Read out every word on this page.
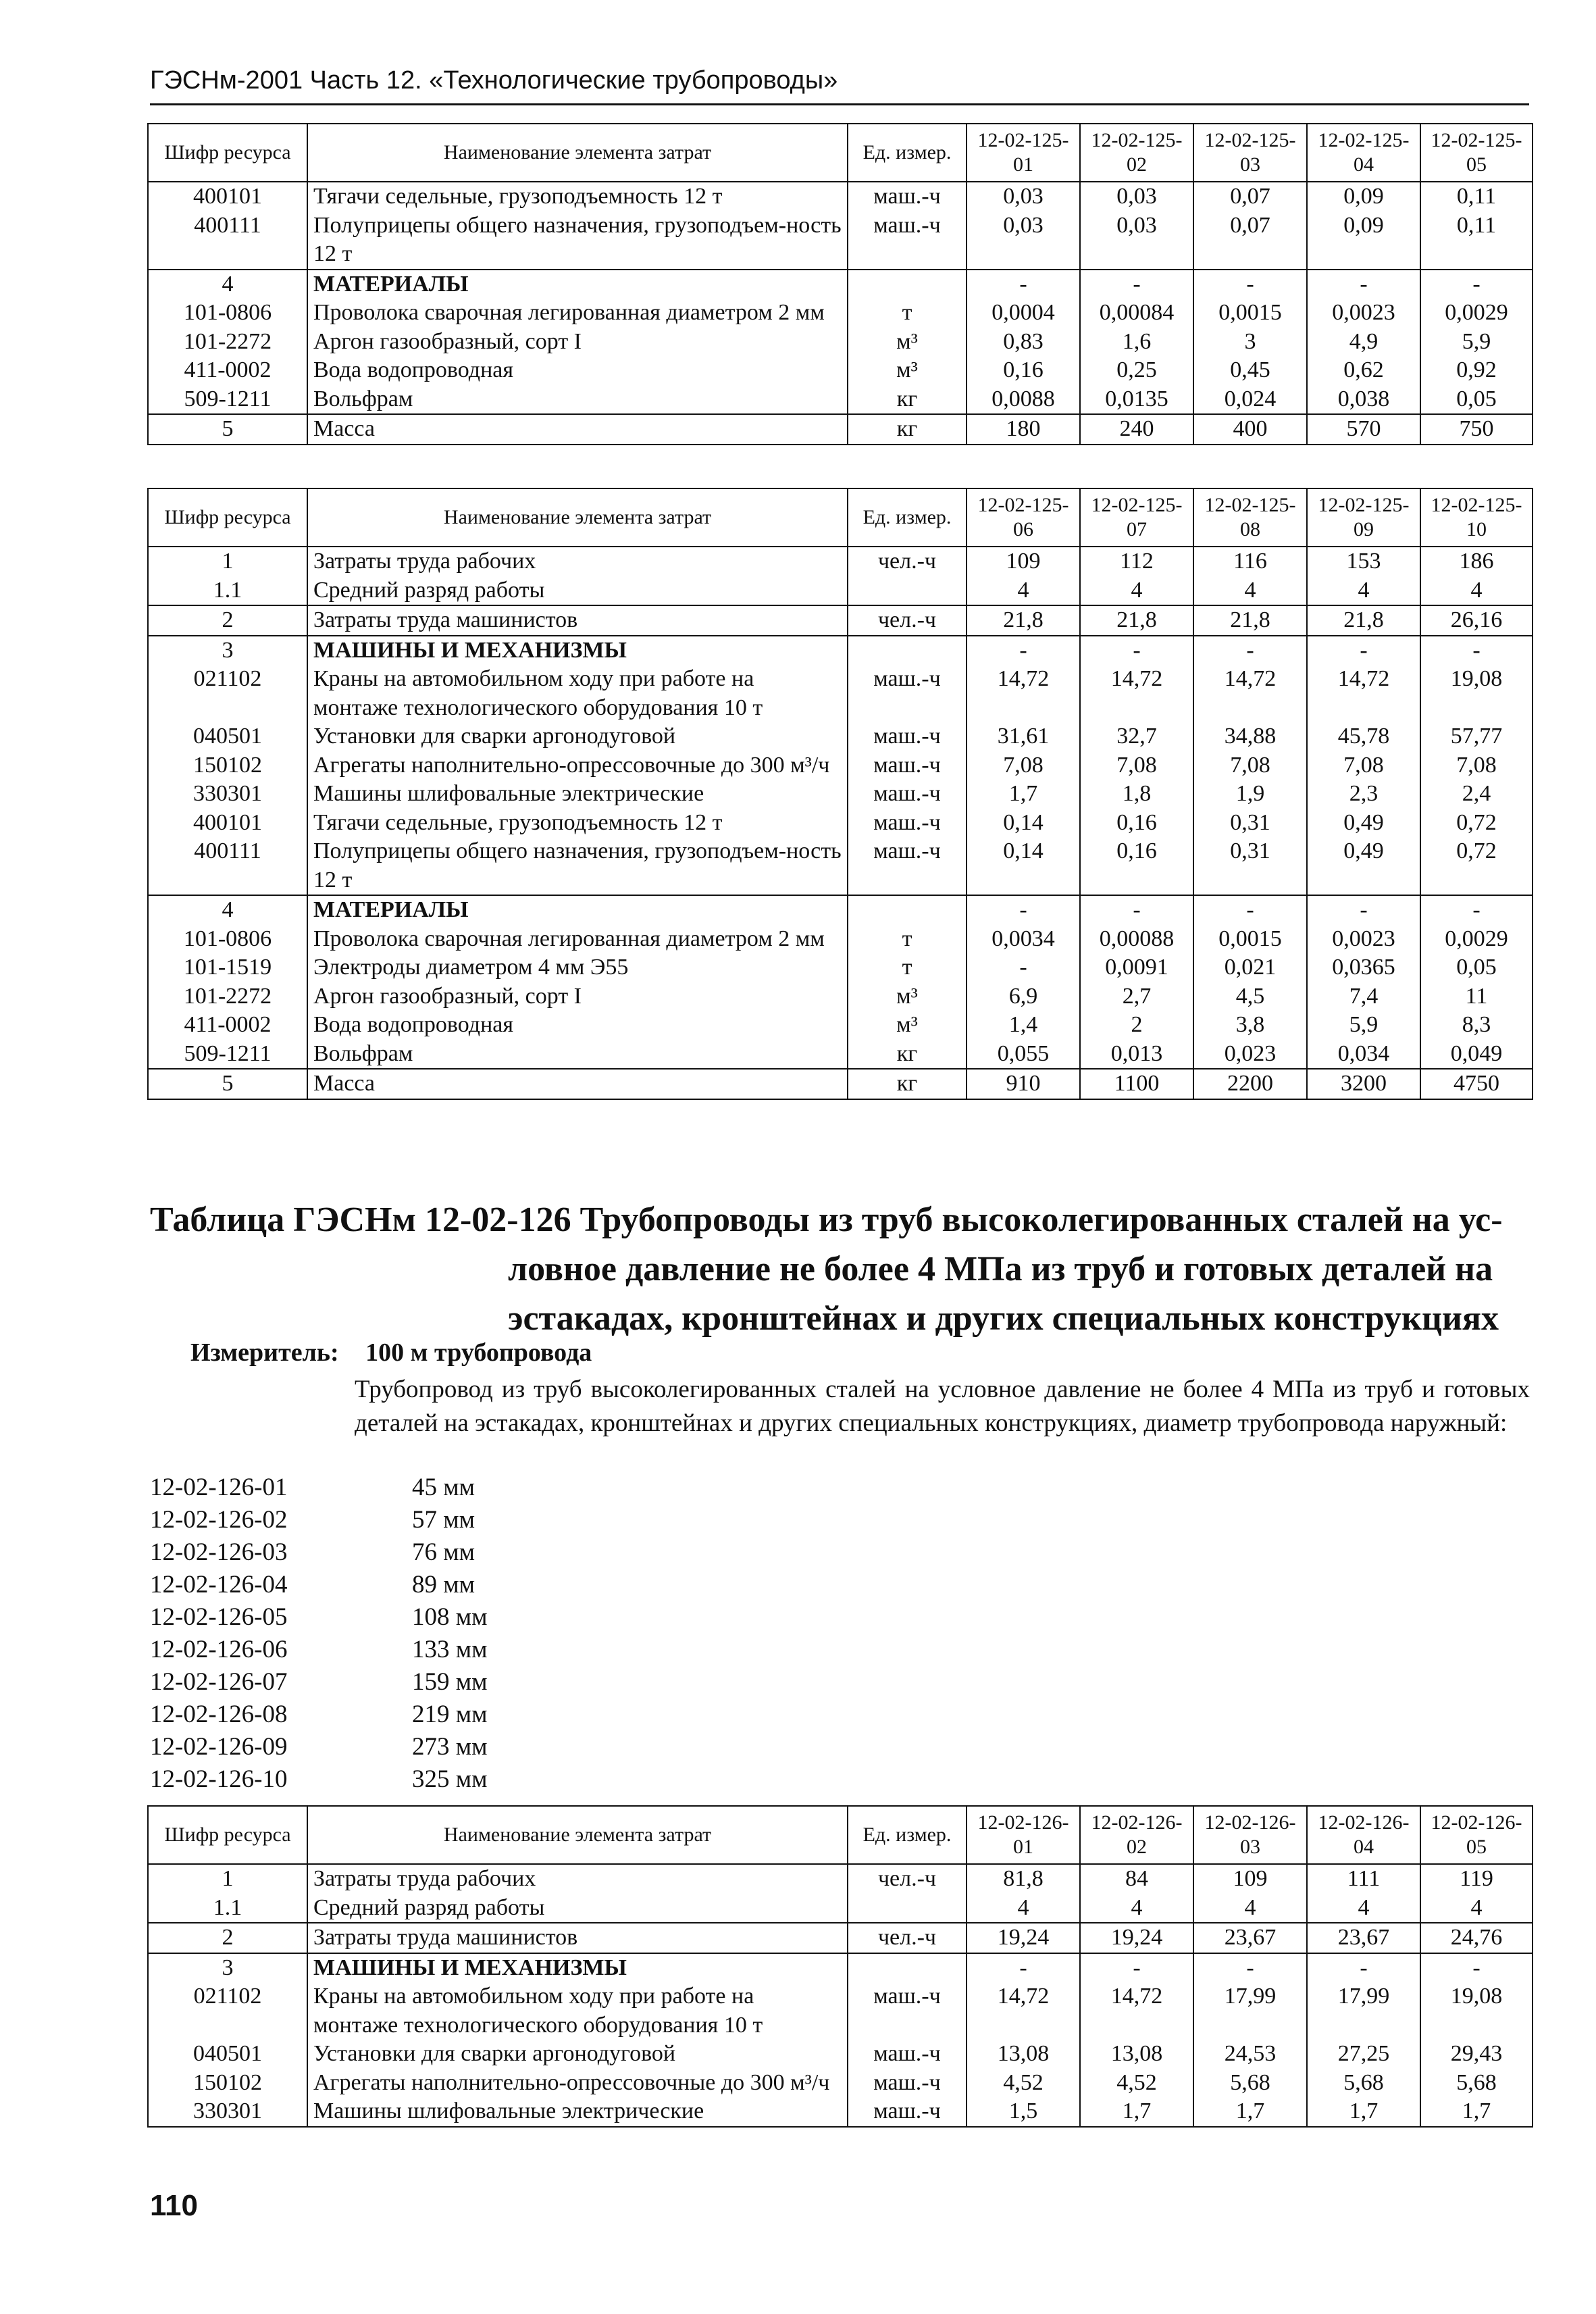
ГЭСНм-2001 Часть 12. «Технологические трубопроводы»
Шифр ресурса	Наименование элемента затрат	Ед. измер.	12-02-125-01	12-02-125-02	12-02-125-03	12-02-125-04	12-02-125-05
400101	Тягачи седельные, грузоподъемность 12 т	маш.-ч	0,03	0,03	0,07	0,09	0,11
400111	Полуприцепы общего назначения, грузоподъем-ность 12 т	маш.-ч	0,03	0,03	0,07	0,09	0,11
4	МАТЕРИАЛЫ		-	-	-	-	-
101-0806	Проволока сварочная легированная диаметром 2 мм	т	0,0004	0,00084	0,0015	0,0023	0,0029
101-2272	Аргон газообразный, сорт I	м³	0,83	1,6	3	4,9	5,9
411-0002	Вода водопроводная	м³	0,16	0,25	0,45	0,62	0,92
509-1211	Вольфрам	кг	0,0088	0,0135	0,024	0,038	0,05
5	Масса	кг	180	240	400	570	750
Шифр ресурса	Наименование элемента затрат	Ед. измер.	12-02-125-06	12-02-125-07	12-02-125-08	12-02-125-09	12-02-125-10
1	Затраты труда рабочих	чел.-ч	109	112	116	153	186
1.1	Средний разряд работы		4	4	4	4	4
2	Затраты труда машинистов	чел.-ч	21,8	21,8	21,8	21,8	26,16
3	МАШИНЫ И МЕХАНИЗМЫ		-	-	-	-	-
021102	Краны на автомобильном ходу при работе на монтаже технологического оборудования 10 т	маш.-ч	14,72	14,72	14,72	14,72	19,08
040501	Установки для сварки аргонодуговой	маш.-ч	31,61	32,7	34,88	45,78	57,77
150102	Агрегаты наполнительно-опрессовочные до 300 м³/ч	маш.-ч	7,08	7,08	7,08	7,08	7,08
330301	Машины шлифовальные электрические	маш.-ч	1,7	1,8	1,9	2,3	2,4
400101	Тягачи седельные, грузоподъемность 12 т	маш.-ч	0,14	0,16	0,31	0,49	0,72
400111	Полуприцепы общего назначения, грузоподъем-ность 12 т	маш.-ч	0,14	0,16	0,31	0,49	0,72
4	МАТЕРИАЛЫ		-	-	-	-	-
101-0806	Проволока сварочная легированная диаметром 2 мм	т	0,0034	0,00088	0,0015	0,0023	0,0029
101-1519	Электроды диаметром 4 мм Э55	т	-	0,0091	0,021	0,0365	0,05
101-2272	Аргон газообразный, сорт I	м³	6,9	2,7	4,5	7,4	11
411-0002	Вода водопроводная	м³	1,4	2	3,8	5,9	8,3
509-1211	Вольфрам	кг	0,055	0,013	0,023	0,034	0,049
5	Масса	кг	910	1100	2200	3200	4750
Таблица ГЭСНм 12-02-126 Трубопроводы из труб высоколегированных сталей на ус-
ловное давление не более 4 МПа из труб и готовых деталей на
эстакадах, кронштейнах и других специальных конструкциях
Измеритель: 100 м трубопровода
Трубопровод из труб высоколегированных сталей на условное давление не более 4 МПа из труб и готовых деталей на эстакадах, кронштейнах и других специальных конструкциях, диаметр трубопровода наружный:
12-02-126-01	45 мм
12-02-126-02	57 мм
12-02-126-03	76 мм
12-02-126-04	89 мм
12-02-126-05	108 мм
12-02-126-06	133 мм
12-02-126-07	159 мм
12-02-126-08	219 мм
12-02-126-09	273 мм
12-02-126-10	325 мм
Шифр ресурса	Наименование элемента затрат	Ед. измер.	12-02-126-01	12-02-126-02	12-02-126-03	12-02-126-04	12-02-126-05
1	Затраты труда рабочих	чел.-ч	81,8	84	109	111	119
1.1	Средний разряд работы		4	4	4	4	4
2	Затраты труда машинистов	чел.-ч	19,24	19,24	23,67	23,67	24,76
3	МАШИНЫ И МЕХАНИЗМЫ		-	-	-	-	-
021102	Краны на автомобильном ходу при работе на монтаже технологического оборудования 10 т	маш.-ч	14,72	14,72	17,99	17,99	19,08
040501	Установки для сварки аргонодуговой	маш.-ч	13,08	13,08	24,53	27,25	29,43
150102	Агрегаты наполнительно-опрессовочные до 300 м³/ч	маш.-ч	4,52	4,52	5,68	5,68	5,68
330301	Машины шлифовальные электрические	маш.-ч	1,5	1,7	1,7	1,7	1,7
110
